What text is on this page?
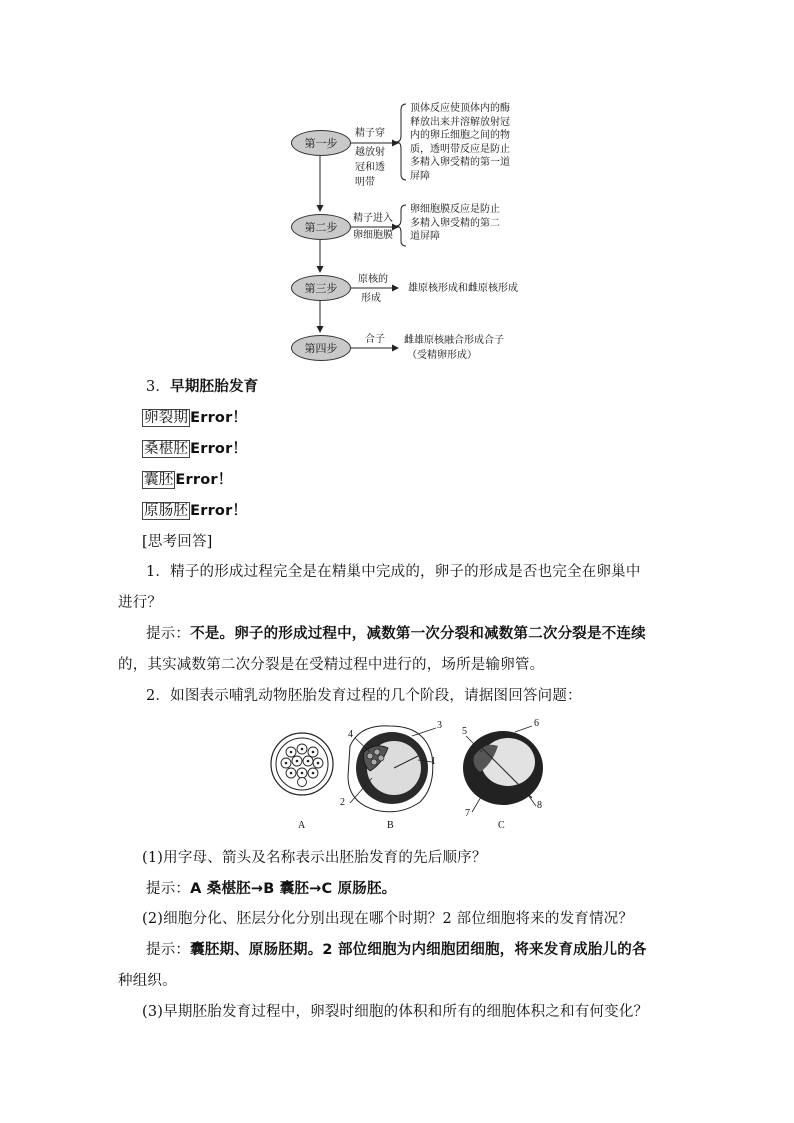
第一步
第二步
第三步
第四步
精子穿
越放射
冠和透
明带
顶体反应使顶体内的酶
释放出来并溶解放射冠
内的卵丘细胞之间的物
质，透明带反应是防止
多精入卵受精的第一道
屏障
精子进入
卵细胞膜
卵细胞膜反应是防止
多精入卵受精的第二
道屏障
原核的
形成
雄原核形成和雌原核形成
合子 雌雄原核融合形成合子
（受精卵形成）
3．早期胚胎发育
卵裂期 Error！
桑椹胚 Error！
囊胚 Error！
原肠胚 Error！
[思考回答]
1．精子的形成过程完全是在精巢中完成的，卵子的形成是否也完全在卵巢中
进行？
提示：不是。卵子的形成过程中，减数第一次分裂和减数第二次分裂是不连续
的，其实减数第二次分裂是在受精过程中进行的，场所是输卵管。
2．如图表示哺乳动物胚胎发育过程的几个阶段，请据图回答问题：
A	B	C
1
2
3
4	5
6
7
8
(1)用字母、箭头及名称表示出胚胎发育的先后顺序？
提示：A 桑椹胚→B 囊胚→C 原肠胚。
(2)细胞分化、胚层分化分别出现在哪个时期？2 部位细胞将来的发育情况？
提示：囊胚期、原肠胚期。2 部位细胞为内细胞团细胞，将来发育成胎儿的各
种组织。
(3)早期胚胎发育过程中，卵裂时细胞的体积和所有的细胞体积之和有何变化？
